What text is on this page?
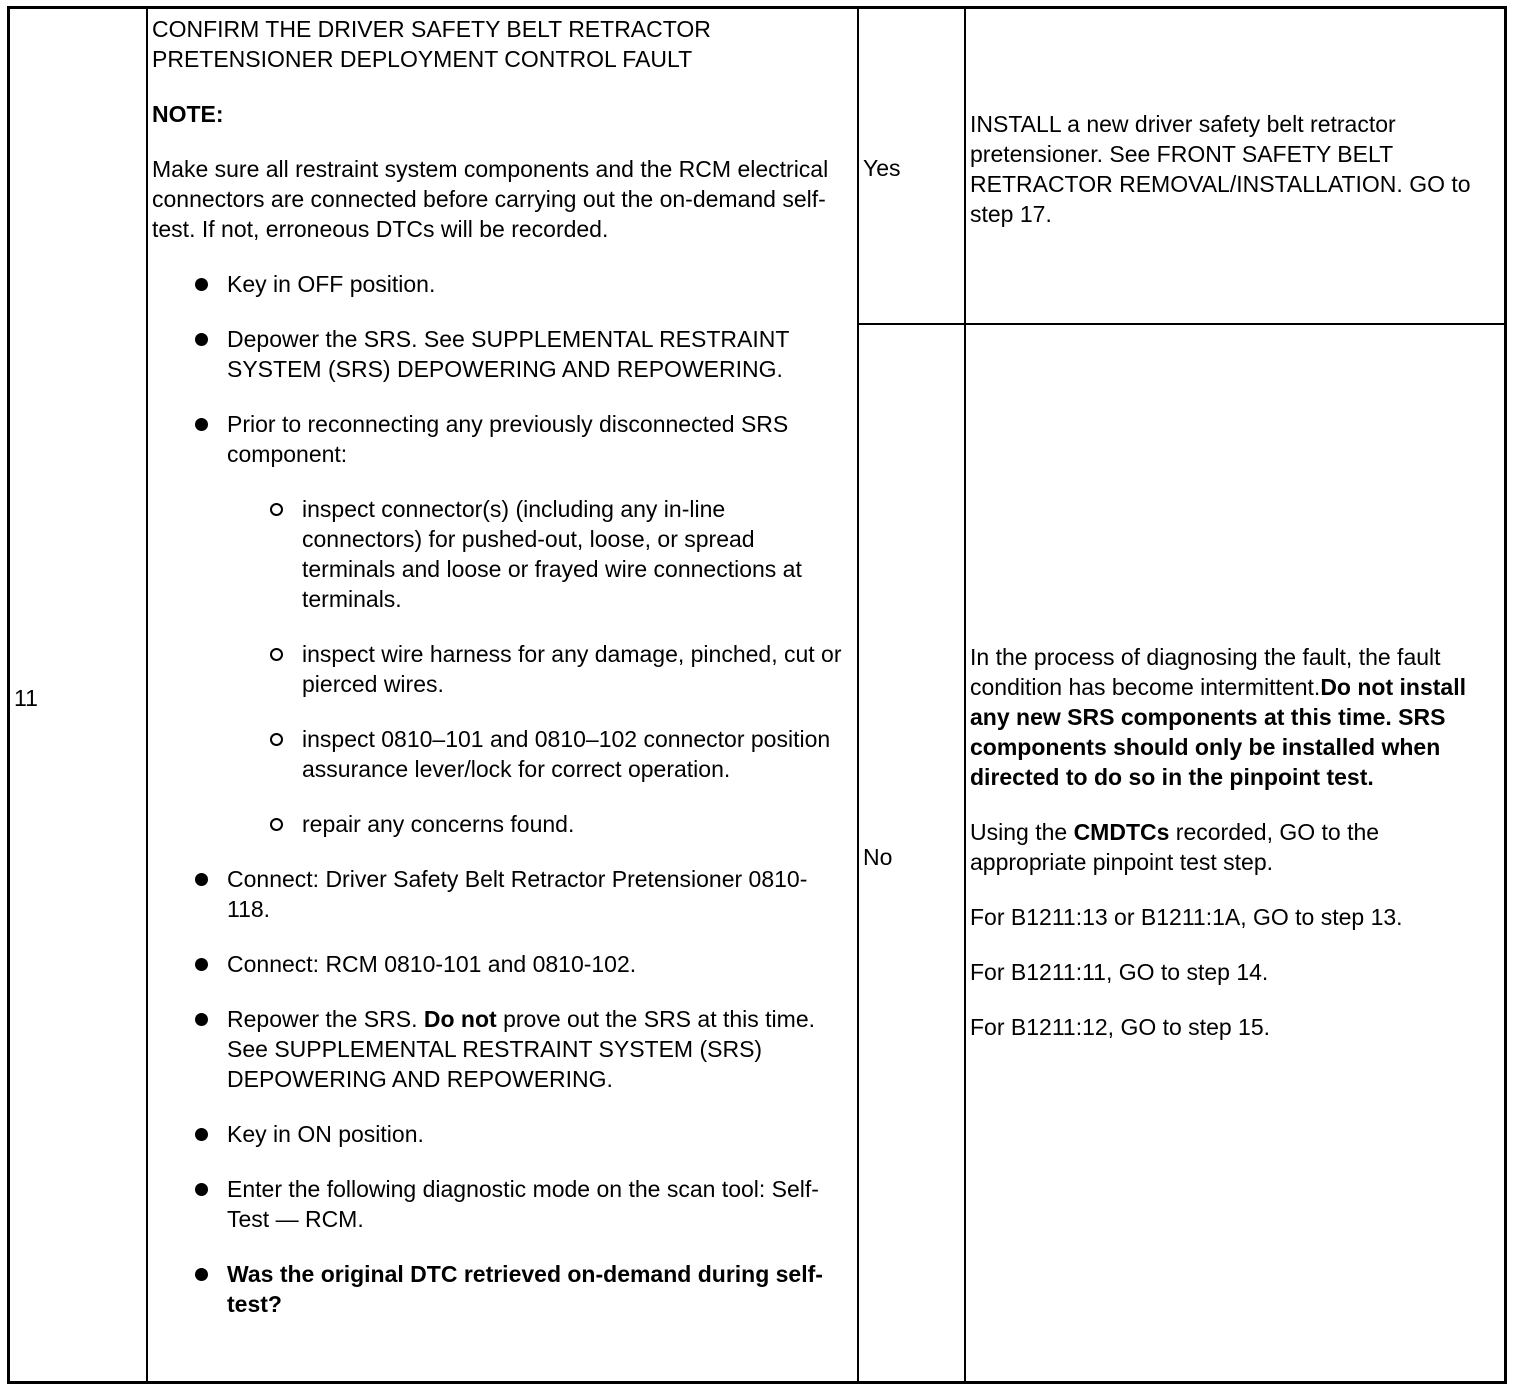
11

CONFIRM THE DRIVER SAFETY BELT RETRACTOR PRETENSIONER DEPLOYMENT CONTROL FAULT

NOTE:

Make sure all restraint system components and the RCM electrical connectors are connected before carrying out the on-demand self-test. If not, erroneous DTCs will be recorded.

Key in OFF position.
Depower the SRS. See SUPPLEMENTAL RESTRAINT SYSTEM (SRS) DEPOWERING AND REPOWERING.
Prior to reconnecting any previously disconnected SRS component:
inspect connector(s) (including any in-line connectors) for pushed-out, loose, or spread terminals and loose or frayed wire connections at terminals.
inspect wire harness for any damage, pinched, cut or pierced wires.
inspect 0810–101 and 0810–102 connector position assurance lever/lock for correct operation.
repair any concerns found.
Connect: Driver Safety Belt Retractor Pretensioner 0810-118.
Connect: RCM 0810-101 and 0810-102.
Repower the SRS. Do not prove out the SRS at this time. See SUPPLEMENTAL RESTRAINT SYSTEM (SRS) DEPOWERING AND REPOWERING.
Key in ON position.
Enter the following diagnostic mode on the scan tool: Self-Test — RCM.
Was the original DTC retrieved on-demand during self-test?
Yes
INSTALL a new driver safety belt retractor pretensioner. See FRONT SAFETY BELT RETRACTOR REMOVAL/INSTALLATION. GO to step 17.
No

In the process of diagnosing the fault, the fault condition has become intermittent.Do not install any new SRS components at this time. SRS components should only be installed when directed to do so in the pinpoint test.

Using the CMDTCs recorded, GO to the appropriate pinpoint test step.

For B1211:13 or B1211:1A, GO to step 13.

For B1211:11, GO to step 14.

For B1211:12, GO to step 15.
